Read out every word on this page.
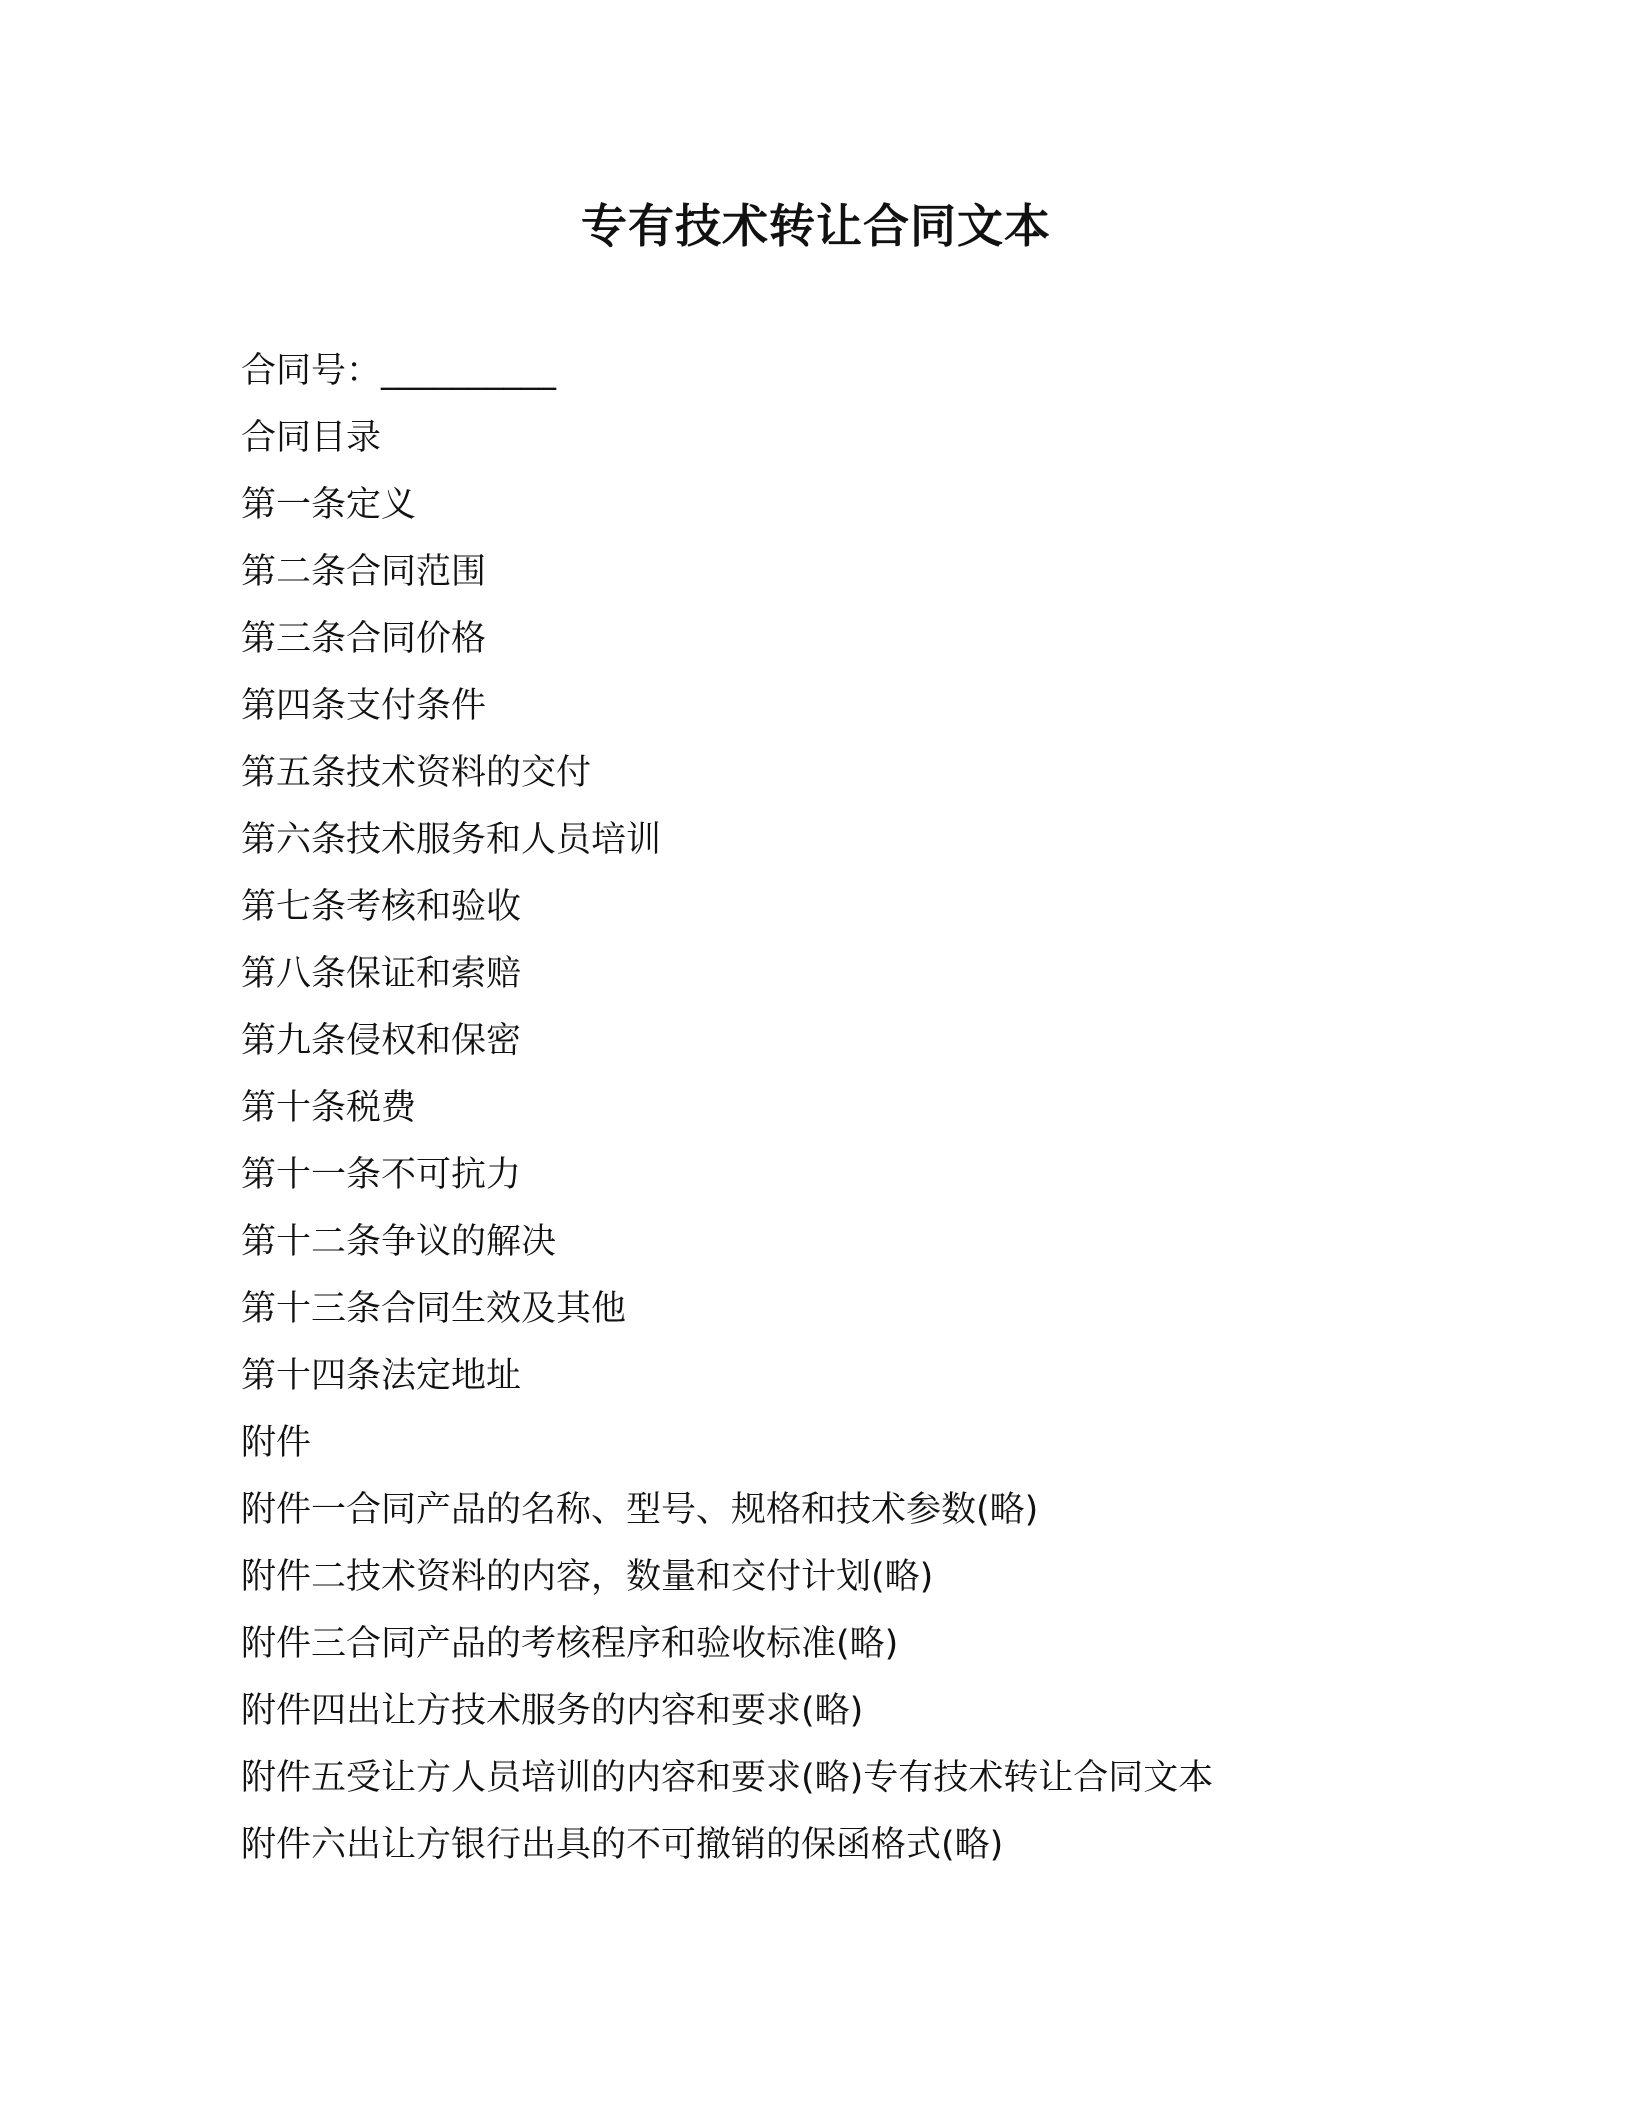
专有技术转让合同文本
合同号：__________
合同目录
第一条定义
第二条合同范围
第三条合同价格
第四条支付条件
第五条技术资料的交付
第六条技术服务和人员培训
第七条考核和验收
第八条保证和索赔
第九条侵权和保密
第十条税费
第十一条不可抗力
第十二条争议的解决
第十三条合同生效及其他
第十四条法定地址
附件
附件一合同产品的名称、型号、规格和技术参数(略)
附件二技术资料的内容，数量和交付计划(略)
附件三合同产品的考核程序和验收标准(略)
附件四出让方技术服务的内容和要求(略)
附件五受让方人员培训的内容和要求(略)专有技术转让合同文本
附件六出让方银行出具的不可撤销的保函格式(略)
